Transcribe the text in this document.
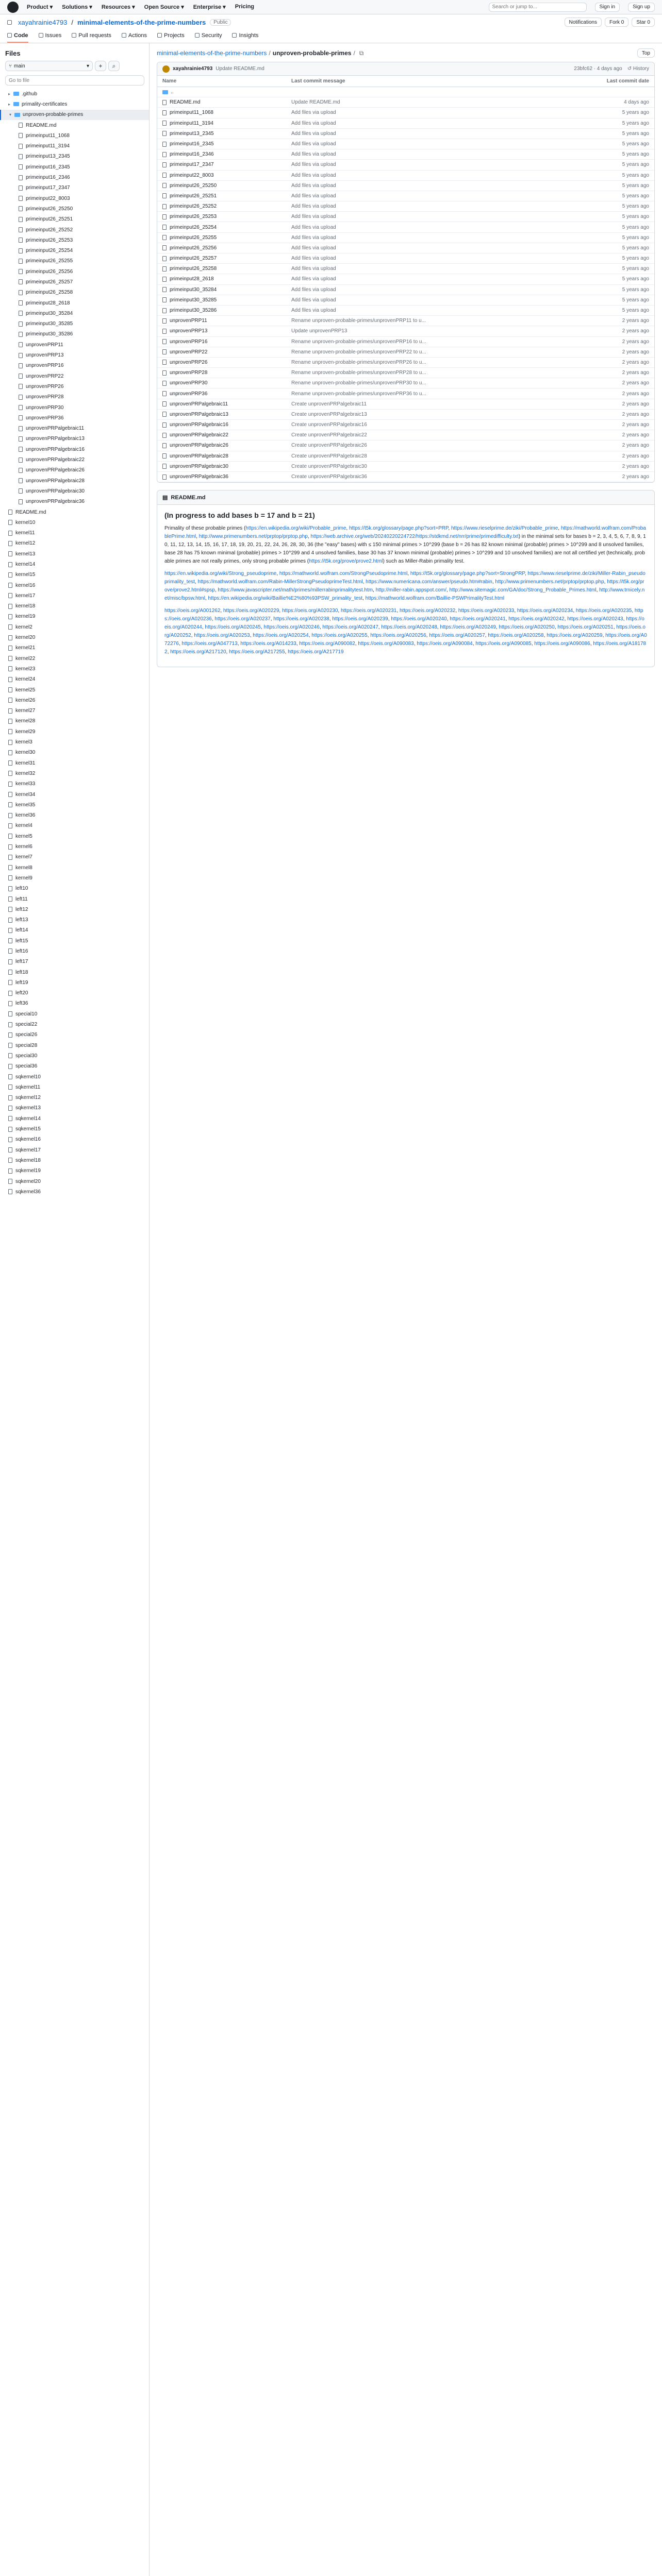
Product ▾ Solutions ▾ Resources ▾ Open Source ▾ Enterprise ▾ Pricing
Search or jump to...	Sign in	Sign up
xayahrainie4793 / minimal-elements-of-the-prime-numbers	Public	Notifications	Fork 0	Star 0
Code	Issues	Pull requests	Actions	Projects	Security	Insights
Files
⑂ main	▾ + ⌕
Go to file
▸	.github
▸	primality-certificates
▾	unproven-probable-primes
README.md
primeinput11_1068
primeinput11_3194
primeinput13_2345
primeinput16_2345
primeinput16_2346
primeinput17_2347
primeinput22_8003
primeinput26_25250
primeinput26_25251
primeinput26_25252
primeinput26_25253
primeinput26_25254
primeinput26_25255
primeinput26_25256
primeinput26_25257
primeinput26_25258
primeinput28_2618
primeinput30_35284
primeinput30_35285
primeinput30_35286
unprovenPRP11
unprovenPRP13
unprovenPRP16
unprovenPRP22
unprovenPRP26
unprovenPRP28
unprovenPRP30
unprovenPRP36
unprovenPRPalgebraic11
unprovenPRPalgebraic13
unprovenPRPalgebraic16
unprovenPRPalgebraic22
unprovenPRPalgebraic26
unprovenPRPalgebraic28
unprovenPRPalgebraic30
unprovenPRPalgebraic36
README.md
kernel10
kernel11
kernel12
kernel13
kernel14
kernel15
kernel16
kernel17
kernel18
kernel19
kernel2
kernel20
kernel21
kernel22
kernel23
kernel24
kernel25
kernel26
kernel27
kernel28
kernel29
kernel3
kernel30
kernel31
kernel32
kernel33
kernel34
kernel35
kernel36
kernel4
kernel5
kernel6
kernel7
kernel8
kernel9
left10
left11
left12
left13
left14
left15
left16
left17
left18
left19
left20
left36
special10
special22
special26
special28
special30
special36
sqkernel10
sqkernel11
sqkernel12
sqkernel13
sqkernel14
sqkernel15
sqkernel16
sqkernel17
sqkernel18
sqkernel19
sqkernel20
sqkernel36
minimal-elements-of-the-prime-numbers / unproven-probable-primes / ⧉	Top
xayahrainie4793 Update README.md	23bfc62 · 4 days ago ↺ History
Name	Last commit message	Last commit date
..
README.md	Update README.md	4 days ago
primeinput11_1068	Add files via upload	5 years ago
primeinput11_3194	Add files via upload	5 years ago
primeinput13_2345	Add files via upload	5 years ago
primeinput16_2345	Add files via upload	5 years ago
primeinput16_2346	Add files via upload	5 years ago
primeinput17_2347	Add files via upload	5 years ago
primeinput22_8003	Add files via upload	5 years ago
primeinput26_25250	Add files via upload	5 years ago
primeinput26_25251	Add files via upload	5 years ago
primeinput26_25252	Add files via upload	5 years ago
primeinput26_25253	Add files via upload	5 years ago
primeinput26_25254	Add files via upload	5 years ago
primeinput26_25255	Add files via upload	5 years ago
primeinput26_25256	Add files via upload	5 years ago
primeinput26_25257	Add files via upload	5 years ago
primeinput26_25258	Add files via upload	5 years ago
primeinput28_2618	Add files via upload	5 years ago
primeinput30_35284	Add files via upload	5 years ago
primeinput30_35285	Add files via upload	5 years ago
primeinput30_35286	Add files via upload	5 years ago
unprovenPRP11	Rename unproven-probable-primes/unprovenPRP11 to u...	2 years ago
unprovenPRP13	Update unprovenPRP13	2 years ago
unprovenPRP16	Rename unproven-probable-primes/unprovenPRP16 to u...	2 years ago
unprovenPRP22	Rename unproven-probable-primes/unprovenPRP22 to u...	2 years ago
unprovenPRP26	Rename unproven-probable-primes/unprovenPRP26 to u...	2 years ago
unprovenPRP28	Rename unproven-probable-primes/unprovenPRP28 to u...	2 years ago
unprovenPRP30	Rename unproven-probable-primes/unprovenPRP30 to u...	2 years ago
unprovenPRP36	Rename unproven-probable-primes/unprovenPRP36 to u...	2 years ago
unprovenPRPalgebraic11	Create unprovenPRPalgebraic11	2 years ago
unprovenPRPalgebraic13	Create unprovenPRPalgebraic13	2 years ago
unprovenPRPalgebraic16	Create unprovenPRPalgebraic16	2 years ago
unprovenPRPalgebraic22	Create unprovenPRPalgebraic22	2 years ago
unprovenPRPalgebraic26	Create unprovenPRPalgebraic26	2 years ago
unprovenPRPalgebraic28	Create unprovenPRPalgebraic28	2 years ago
unprovenPRPalgebraic30	Create unprovenPRPalgebraic30	2 years ago
unprovenPRPalgebraic36	Create unprovenPRPalgebraic36	2 years ago
▤ README.md

(In progress to add bases b = 17 and b = 21)

Primality of these probable primes (https://en.wikipedia.org/wiki/Probable_prime, https://t5k.org/glossary/page.php?sort=PRP, https://www.rieselprime.de/ziki/Probable_prime, https://mathworld.wolfram.com/ProbablePrime.html, http://www.primenumbers.net/prptop/prptop.php, https://web.archive.org/web/20240220224722/https://stdkmd.net/nrr/prime/primedifficulty.txt) in the minimal sets for bases b = 2, 3, 4, 5, 6, 7, 8, 9, 10, 11, 12, 13, 14, 15, 16, 17, 18, 19, 20, 21, 22, 24, 26, 28, 30, 36 (the "easy" bases) with ≤ 150 minimal primes > 10^299 (base b = 26 has 82 known minimal (probable) primes > 10^299 and 8 unsolved families, base 28 has 75 known minimal (probable) primes > 10^299 and 4 unsolved families, base 30 has 37 known minimal (probable) primes > 10^299 and 10 unsolved families) are not all certified yet (technically, probable primes are not really primes, only strong probable primes (https://t5k.org/prove/prove2.html) such as Miller-Rabin primality test.

https://en.wikipedia.org/wiki/Strong_pseudoprime, https://mathworld.wolfram.com/StrongPseudoprime.html, https://t5k.org/glossary/page.php?sort=StrongPRP, https://www.rieselprime.de/ziki/Miller-Rabin_pseudoprimality_test, https://mathworld.wolfram.com/Rabin-MillerStrongPseudoprimeTest.html, https://www.numericana.com/answer/pseudo.htm#rabin, http://www.primenumbers.net/prptop/prptop.php, https://t5k.org/prove/prove2.html#spsp, https://www.javascripter.net/math/primes/millerrabinprimalitytest.htm, http://miller-rabin.appspot.com/, http://www.sitemagic.com/GA/doc/Strong_Probable_Primes.html, http://www.trnicely.net/misc/bpsw.html, https://en.wikipedia.org/wiki/Baillie%E2%80%93PSW_primality_test, https://mathworld.wolfram.com/Baillie-PSWPrimalityTest.html

https://oeis.org/A001262, https://oeis.org/A020229, https://oeis.org/A020230, https://oeis.org/A020231, https://oeis.org/A020232, https://oeis.org/A020233, https://oeis.org/A020234, https://oeis.org/A020235, https://oeis.org/A020236, https://oeis.org/A020237, https://oeis.org/A020238, https://oeis.org/A020239, https://oeis.org/A020240, https://oeis.org/A020241, https://oeis.org/A020242, https://oeis.org/A020243, https://oeis.org/A020244, https://oeis.org/A020245, https://oeis.org/A020246, https://oeis.org/A020247, https://oeis.org/A020248, https://oeis.org/A020249, https://oeis.org/A020250, https://oeis.org/A020251, https://oeis.org/A020252, https://oeis.org/A020253, https://oeis.org/A020254, https://oeis.org/A020255, https://oeis.org/A020256, https://oeis.org/A020257, https://oeis.org/A020258, https://oeis.org/A020259, https://oeis.org/A072276, https://oeis.org/A047713, https://oeis.org/A014233, https://oeis.org/A090082, https://oeis.org/A090083, https://oeis.org/A090084, https://oeis.org/A090085, https://oeis.org/A090086, https://oeis.org/A181782, https://oeis.org/A217120, https://oeis.org/A217255, https://oeis.org/A217719
